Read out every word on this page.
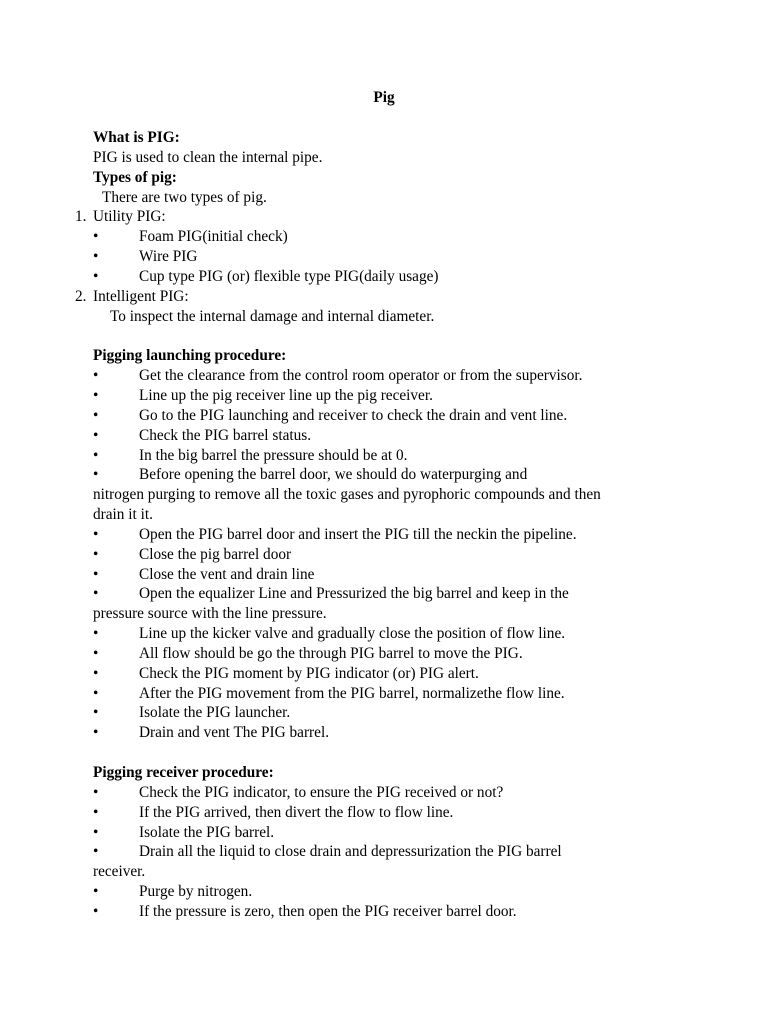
Pig
What is PIG:
PIG is used to clean the internal pipe.
Types of pig:
There are two types of pig.
1. Utility PIG:
•	Foam PIG(initial check)
•	Wire PIG
•	Cup type PIG (or) flexible type PIG(daily usage)
2. Intelligent PIG:
To inspect the internal damage and internal diameter.
Pigging launching procedure:
•	Get the clearance from the control room operator or from the supervisor.
•	Line up the pig receiver line up the pig receiver.
•	Go to the PIG launching and receiver to check the drain and vent line.
•	Check the PIG barrel status.
•	In the big barrel the pressure should be at 0.
•	Before opening the barrel door, we should do waterpurging and
nitrogen purging to remove all the toxic gases and pyrophoric compounds and then
drain it it.
•	Open the PIG barrel door and insert the PIG till the neckin the pipeline.
•	Close the pig barrel door
•	Close the vent and drain line
•	Open the equalizer Line and Pressurized the big barrel and keep in the
pressure source with the line pressure.
•	Line up the kicker valve and gradually close the position of flow line.
•	All flow should be go the through PIG barrel to move the PIG.
•	Check the PIG moment by PIG indicator (or) PIG alert.
•	After the PIG movement from the PIG barrel, normalizethe flow line.
•	Isolate the PIG launcher.
•	Drain and vent The PIG barrel.
Pigging receiver procedure:
•	Check the PIG indicator, to ensure the PIG received or not?
•	If the PIG arrived, then divert the flow to flow line.
•	Isolate the PIG barrel.
•	Drain all the liquid to close drain and depressurization the PIG barrel
receiver.
•	Purge by nitrogen.
•	If the pressure is zero, then open the PIG receiver barrel door.
